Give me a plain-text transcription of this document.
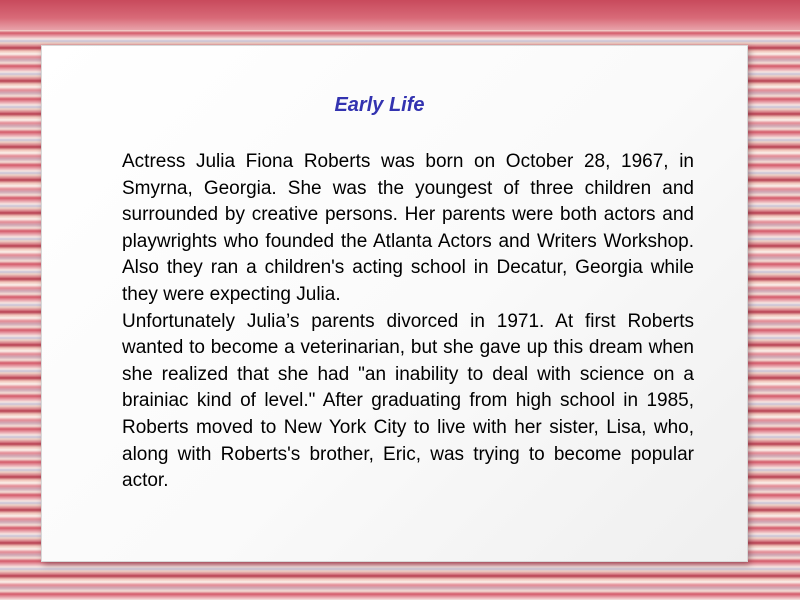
Early Life

Actress Julia Fiona Roberts was born on October 28, 1967, in Smyrna, Georgia. She was the youngest of three children and surrounded by creative persons. Her parents were both actors and playwrights who founded the Atlanta Actors and Writers Workshop. Also they ran a children's acting school in Decatur, Georgia while they were expecting Julia.

Unfortunately Julia’s parents divorced in 1971. At first Roberts wanted to become a veterinarian, but she gave up this dream when she realized that she had "an inability to deal with science on a brainiac kind of level." After graduating from high school in 1985, Roberts moved to New York City to live with her sister, Lisa, who, along with Roberts's brother, Eric, was trying to become popular actor.
